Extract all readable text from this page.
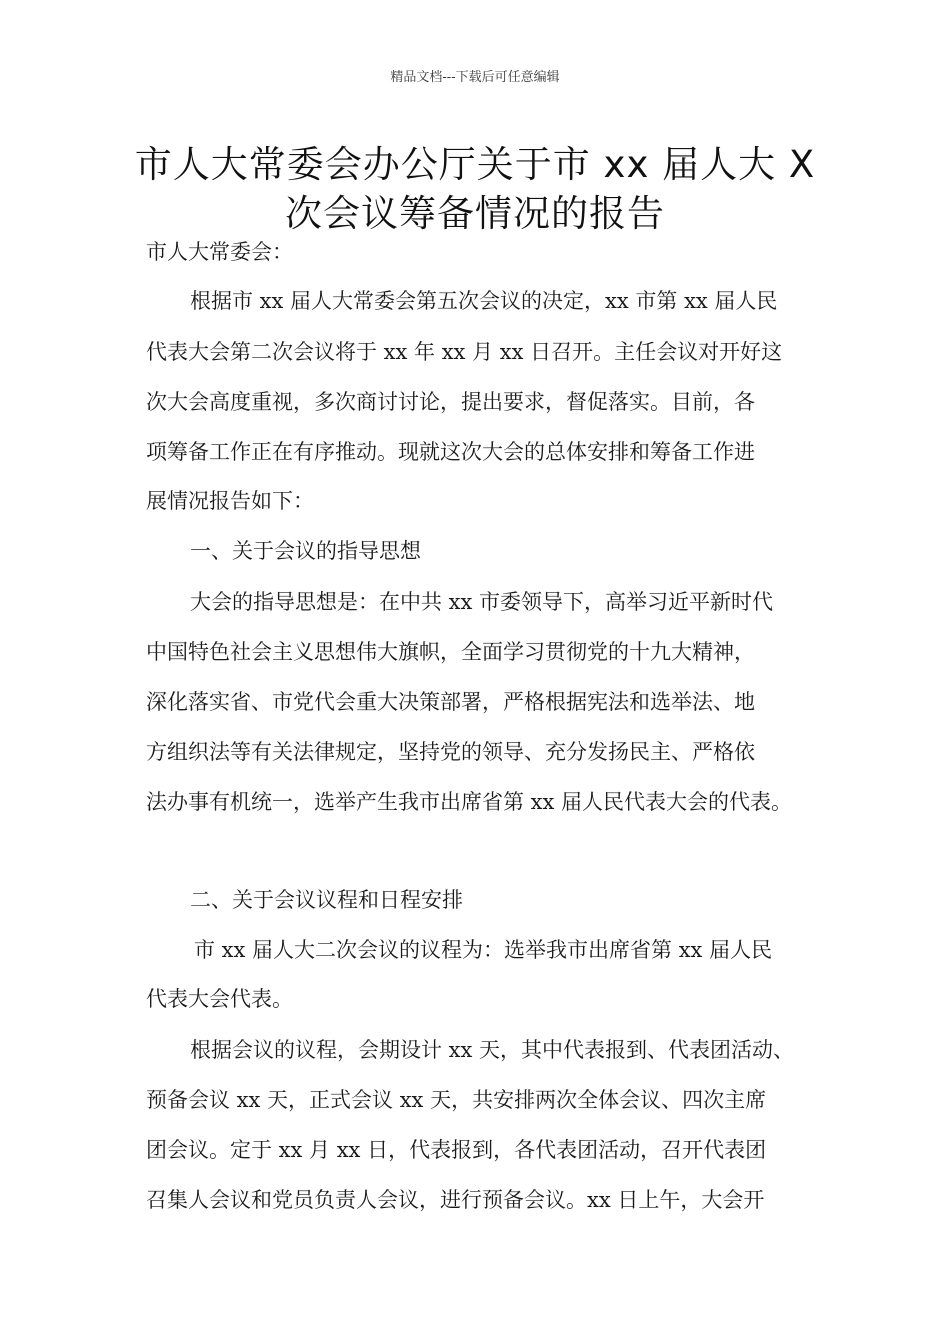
精品文档---下载后可任意编辑
市人大常委会办公厅关于市 xx 届人大 X
次会议筹备情况的报告
市人大常委会：
根据市 xx 届人大常委会第五次会议的决定，xx 市第 xx 届人民
代表大会第二次会议将于 xx 年 xx 月 xx 日召开。主任会议对开好这
次大会高度重视，多次商讨讨论，提出要求，督促落实。目前，各
项筹备工作正在有序推动。现就这次大会的总体安排和筹备工作进
展情况报告如下：
一、关于会议的指导思想
大会的指导思想是：在中共 xx 市委领导下，高举习近平新时代
中国特色社会主义思想伟大旗帜，全面学习贯彻党的十九大精神，
深化落实省、市党代会重大决策部署，严格根据宪法和选举法、地
方组织法等有关法律规定，坚持党的领导、充分发扬民主、严格依
法办事有机统一，选举产生我市出席省第 xx 届人民代表大会的代表。
二、关于会议议程和日程安排
市 xx 届人大二次会议的议程为：选举我市出席省第 xx 届人民
代表大会代表。
根据会议的议程，会期设计 xx 天，其中代表报到、代表团活动、
预备会议 xx 天，正式会议 xx 天，共安排两次全体会议、四次主席
团会议。定于 xx 月 xx 日，代表报到，各代表团活动，召开代表团
召集人会议和党员负责人会议，进行预备会议。xx 日上午，大会开
